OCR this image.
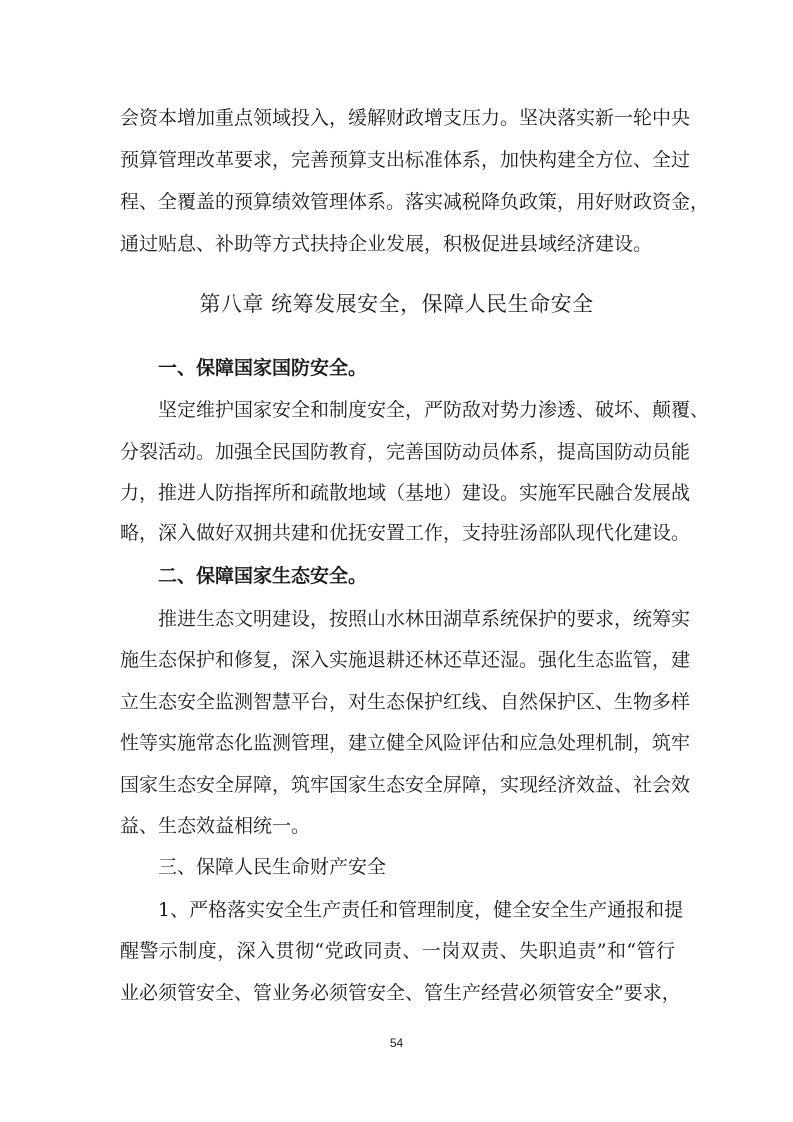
会资本增加重点领域投入，缓解财政增支压力。坚决落实新一轮中央
预算管理改革要求，完善预算支出标准体系，加快构建全方位、全过
程、全覆盖的预算绩效管理体系。落实减税降负政策，用好财政资金，
通过贴息、补助等方式扶持企业发展，积极促进县域经济建设。
第八章 统筹发展安全，保障人民生命安全
一、保障国家国防安全。
坚定维护国家安全和制度安全，严防敌对势力渗透、破坏、颠覆、
分裂活动。加强全民国防教育，完善国防动员体系，提高国防动员能
力，推进人防指挥所和疏散地域（基地）建设。实施军民融合发展战
略，深入做好双拥共建和优抚安置工作，支持驻汤部队现代化建设。
二、保障国家生态安全。
推进生态文明建设，按照山水林田湖草系统保护的要求，统筹实
施生态保护和修复，深入实施退耕还林还草还湿。强化生态监管，建
立生态安全监测智慧平台，对生态保护红线、自然保护区、生物多样
性等实施常态化监测管理，建立健全风险评估和应急处理机制，筑牢
国家生态安全屏障，筑牢国家生态安全屏障，实现经济效益、社会效
益、生态效益相统一。
三、保障人民生命财产安全
1、严格落实安全生产责任和管理制度，健全安全生产通报和提
醒警示制度，深入贯彻“党政同责、一岗双责、失职追责”和“管行
业必须管安全、管业务必须管安全、管生产经营必须管安全”要求，
54
